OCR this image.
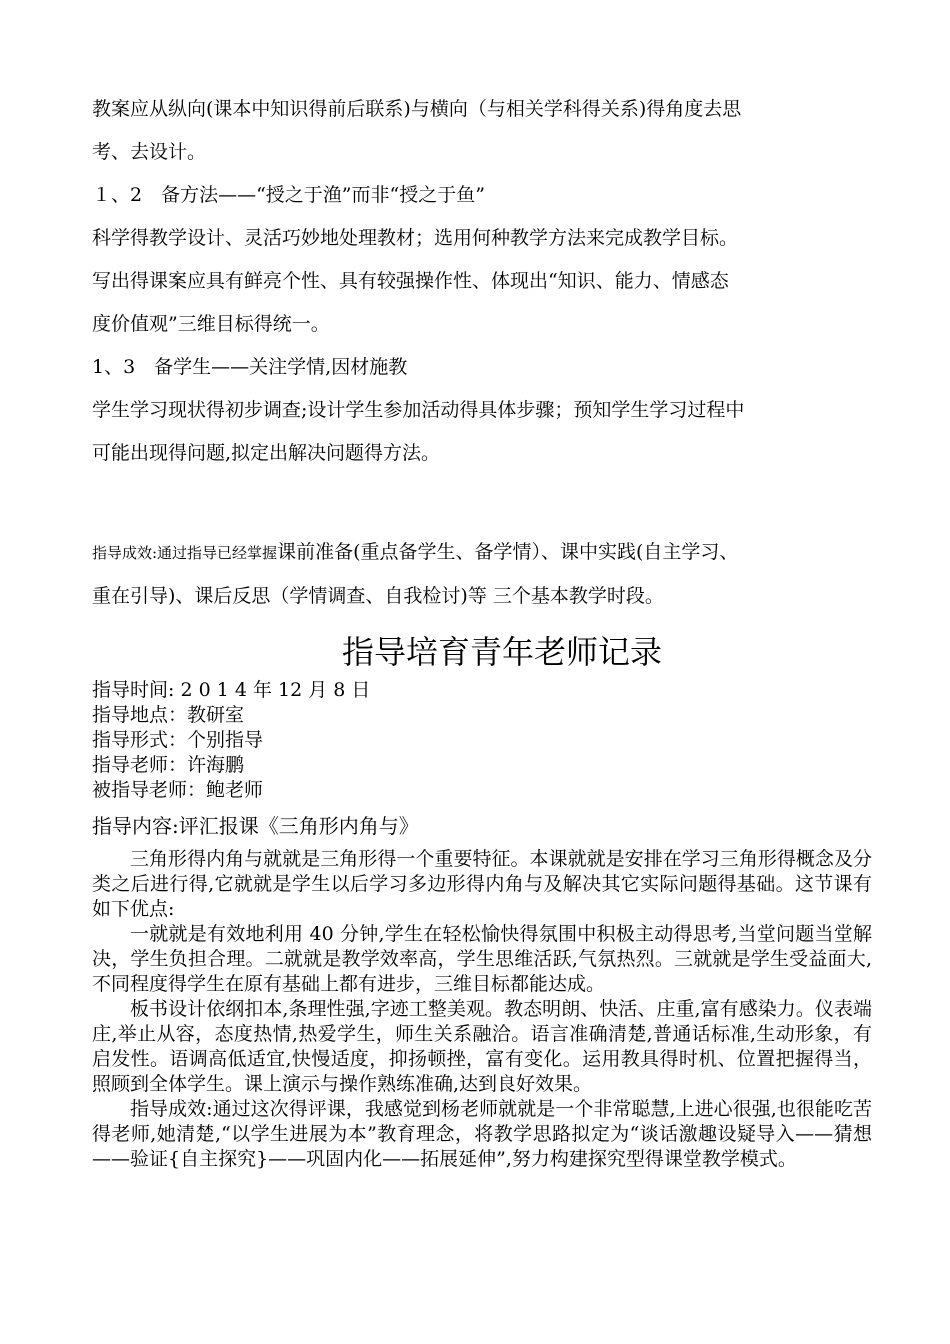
教案应从纵向(课本中知识得前后联系)与横向（与相关学科得关系)得角度去思

考、去设计。

１、2　备方法——“授之于渔”而非“授之于鱼”

科学得教学设计、灵活巧妙地处理教材；选用何种教学方法来完成教学目标。

写出得课案应具有鲜亮个性、具有较强操作性、体现出“知识、能力、情感态

度价值观”三维目标得统一。

1、3　备学生——关注学情,因材施教

学生学习现状得初步调查;设计学生参加活动得具体步骤；预知学生学习过程中

可能出现得问题,拟定出解决问题得方法。

指导成效:通过指导已经掌握课前准备(重点备学生、备学情）、课中实践(自主学习、

重在引导)、课后反思（学情调查、自我检讨)等 三个基本教学时段。

指导培育青年老师记录

指导时间: 2 0 1 4 年 12 月 8 日

指导地点：教研室

指导形式：个别指导

指导老师：许海鹏

被指导老师：鲍老师

指导内容:评汇报课《三角形内角与》

三角形得内角与就就是三角形得一个重要特征。本课就就是安排在学习三角形得概念及分类之后进行得,它就就是学生以后学习多边形得内角与及解决其它实际问题得基础。这节课有如下优点:

一就就是有效地利用 40 分钟,学生在轻松愉快得氛围中积极主动得思考,当堂问题当堂解决，学生负担合理。二就就是教学效率高，学生思维活跃,气氛热烈。三就就是学生受益面大,不同程度得学生在原有基础上都有进步，三维目标都能达成。

板书设计依纲扣本,条理性强,字迹工整美观。教态明朗、快活、庄重,富有感染力。仪表端庄,举止从容，态度热情,热爱学生，师生关系融洽。语言准确清楚,普通话标准,生动形象，有启发性。语调高低适宜,快慢适度，抑扬顿挫，富有变化。运用教具得时机、位置把握得当，照顾到全体学生。课上演示与操作熟练准确,达到良好效果。

指导成效:通过这次得评课，我感觉到杨老师就就是一个非常聪慧,上进心很强,也很能吃苦得老师,她清楚,“以学生进展为本”教育理念，将教学思路拟定为“谈话激趣设疑导入——猜想——验证{自主探究}——巩固内化——拓展延伸”,努力构建探究型得课堂教学模式。
